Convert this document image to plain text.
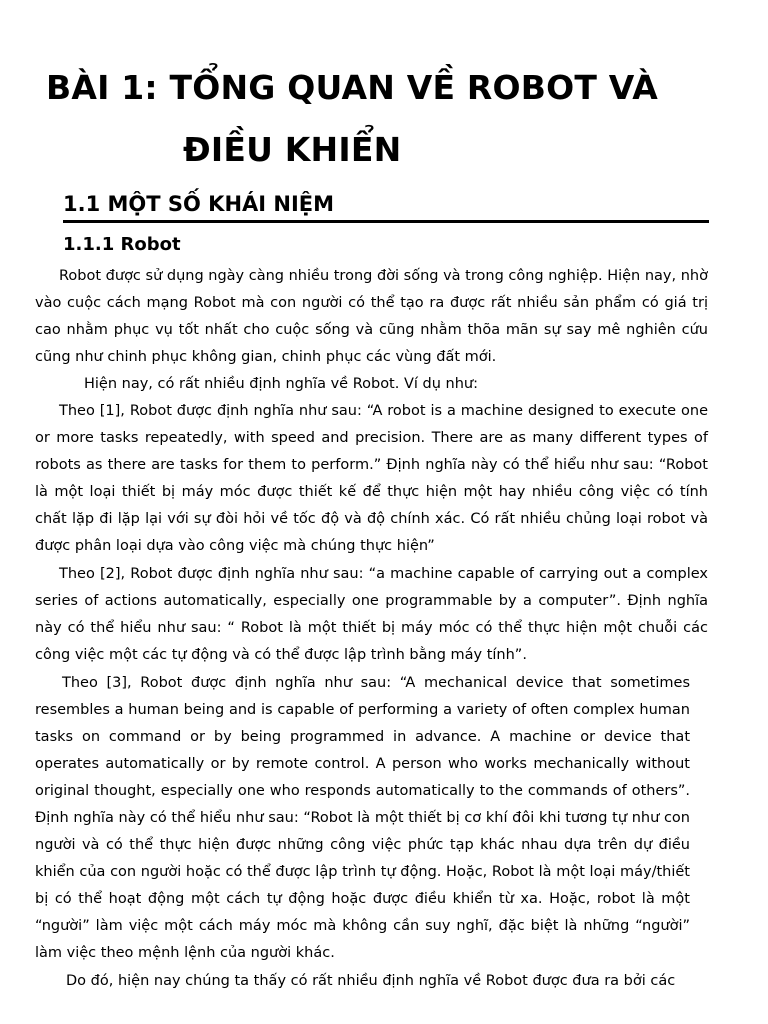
BÀI 1: TỔNG QUAN VỀ ROBOT VÀ
ĐIỀU KHIỂN
1.1 MỘT SỐ KHÁI NIỆM
1.1.1 Robot

Robot được sử dụng ngày càng nhiều trong đời sống và trong công nghiệp. Hiện nay, nhờ vào cuộc cách mạng Robot mà con người có thể tạo ra được rất nhiều sản phẩm có giá trị cao nhằm phục vụ tốt nhất cho cuộc sống và cũng nhằm thõa mãn sự say mê nghiên cứu cũng như chinh phục không gian, chinh phục các vùng đất mới.

Hiện nay, có rất nhiều định nghĩa về Robot. Ví dụ như:

Theo [1], Robot được định nghĩa như sau: “A robot is a machine designed to execute one or more tasks repeatedly, with speed and precision. There are as many different types of robots as there are tasks for them to perform.” Định nghĩa này có thể hiểu như sau: “Robot là một loại thiết bị máy móc được thiết kế để thực hiện một hay nhiều công việc có tính chất lặp đi lặp lại với sự đòi hỏi về tốc độ và độ chính xác. Có rất nhiều chủng loại robot và được phân loại dựa vào công việc mà chúng thực hiện”

Theo [2], Robot được định nghĩa như sau: “a machine capable of carrying out a complex series of actions automatically, especially one programmable by a computer”. Định nghĩa này có thể hiểu như sau: “ Robot là một thiết bị máy móc có thể thực hiện một chuỗi các công việc một các tự động và có thể được lập trình bằng máy tính”.

Theo [3], Robot được định nghĩa như sau: “A mechanical device that sometimes resembles a human being and is capable of performing a variety of often complex human tasks on command or by being programmed in advance. A machine or device that operates automatically or by remote control. A person who works mechanically without original thought, especially one who responds automatically to the commands of others”. Định nghĩa này có thể hiểu như sau: “Robot là một thiết bị cơ khí đôi khi tương tự như con người và có thể thực hiện được những công việc phức tạp khác nhau dựa trên dự điều khiển của con người hoặc có thể được lập trình tự động. Hoặc, Robot là một loại máy/thiết bị có thể hoạt động một cách tự động hoặc được điều khiển từ xa. Hoặc, robot là một “người” làm việc một cách máy móc mà không cần suy nghĩ, đặc biệt là những “người” làm việc theo mệnh lệnh của người khác.

Do đó, hiện nay chúng ta thấy có rất nhiều định nghĩa về Robot được đưa ra bởi các
